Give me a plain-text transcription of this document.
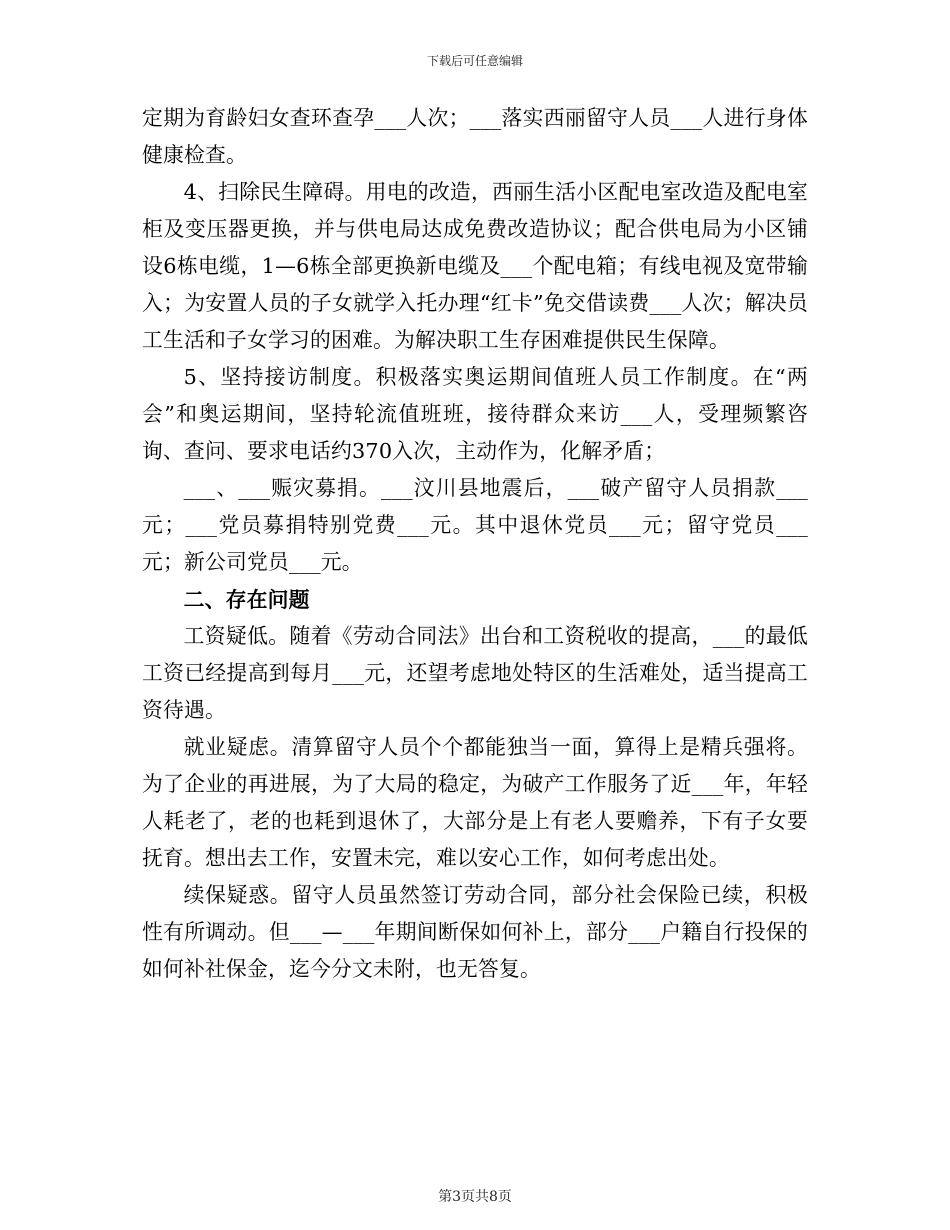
下载后可任意编辑

定期为育龄妇女查环查孕___人次；___落实西丽留守人员___人进行身体健康检查。

4、扫除民生障碍。用电的改造，西丽生活小区配电室改造及配电室柜及变压器更换，并与供电局达成免费改造协议；配合供电局为小区铺设6栋电缆，1—6栋全部更换新电缆及___个配电箱；有线电视及宽带输入；为安置人员的子女就学入托办理“红卡”免交借读费___人次；解决员工生活和子女学习的困难。为解决职工生存困难提供民生保障。

5、坚持接访制度。积极落实奥运期间值班人员工作制度。在“两会”和奥运期间，坚持轮流值班班，接待群众来访___人，受理频繁咨询、查问、要求电话约370入次，主动作为，化解矛盾；

___、___赈灾募捐。___汶川县地震后，___破产留守人员捐款___元；___党员募捐特别党费___元。其中退休党员___元；留守党员___元；新公司党员___元。

二、存在问题

工资疑低。随着《劳动合同法》出台和工资税收的提高，___的最低工资已经提高到每月___元，还望考虑地处特区的生活难处，适当提高工资待遇。

就业疑虑。清算留守人员个个都能独当一面，算得上是精兵强将。为了企业的再进展，为了大局的稳定，为破产工作服务了近___年，年轻人耗老了，老的也耗到退休了，大部分是上有老人要赡养，下有子女要抚育。想出去工作，安置未完，难以安心工作，如何考虑出处。

续保疑惑。留守人员虽然签订劳动合同，部分社会保险已续，积极性有所调动。但___—___年期间断保如何补上，部分___户籍自行投保的如何补社保金，迄今分文未附，也无答复。

第3页共8页
